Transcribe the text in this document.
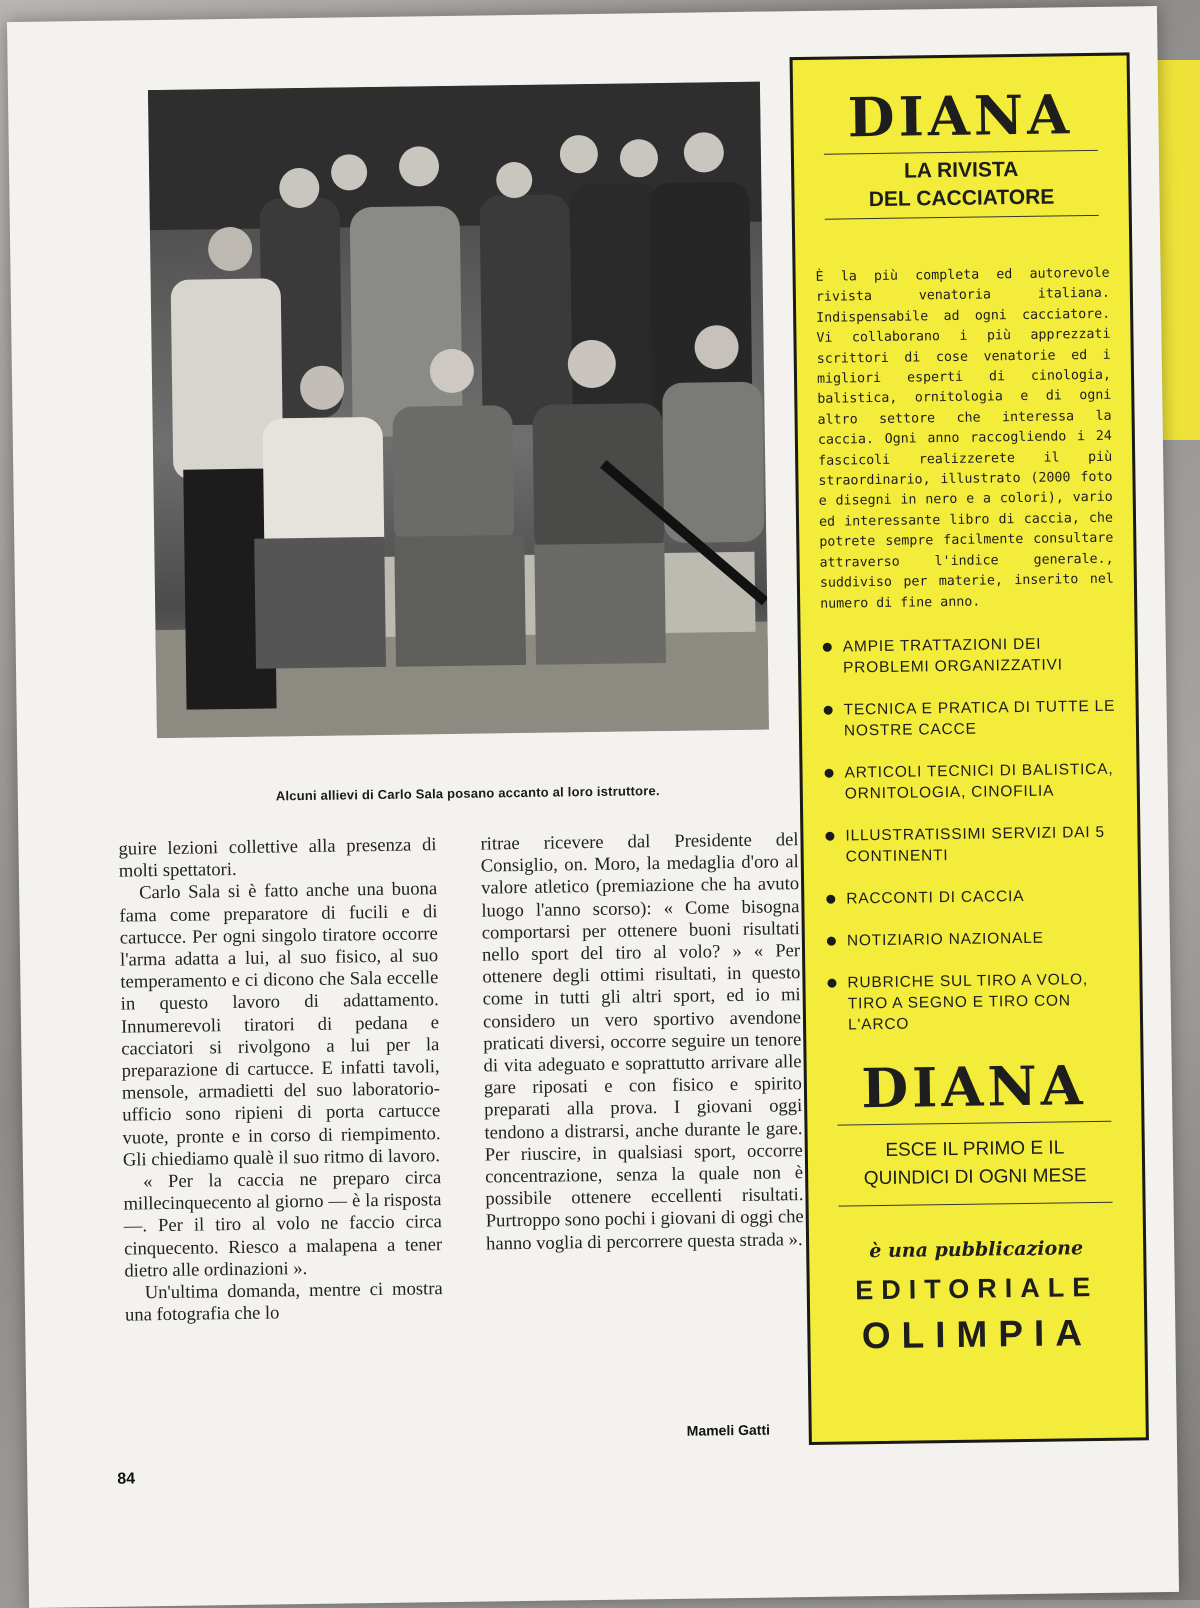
Alcuni allievi di Carlo Sala posano accanto al loro istruttore.

guire lezioni collettive alla presenza di molti spettatori.

Carlo Sala si è fatto anche una buona fama come preparatore di fucili e di cartucce. Per ogni singolo tiratore occorre l'arma adatta a lui, al suo fisico, al suo temperamento e ci dicono che Sala eccelle in questo lavoro di adattamento. Innumerevoli tiratori di pedana e cacciatori si rivolgono a lui per la preparazione di cartucce. E infatti tavoli, mensole, armadietti del suo laboratorio-ufficio sono ripieni di porta cartucce vuote, pronte e in corso di riempimento. Gli chiediamo qualè il suo ritmo di lavoro.

« Per la caccia ne preparo circa millecinquecento al giorno — è la risposta —. Per il tiro al volo ne faccio circa cinquecento. Riesco a malapena a tener dietro alle ordinazioni ».

Un'ultima domanda, mentre ci mostra una fotografia che lo

ritrae ricevere dal Presidente del Consiglio, on. Moro, la medaglia d'oro al valore atletico (premiazione che ha avuto luogo l'anno scorso): « Come bisogna comportarsi per ottenere buoni risultati nello sport del tiro al volo? » « Per ottenere degli ottimi risultati, in questo come in tutti gli altri sport, ed io mi considero un vero sportivo avendone praticati diversi, occorre seguire un tenore di vita adeguato e soprattutto arrivare alle gare riposati e con fisico e spirito preparati alla prova. I giovani oggi tendono a distrarsi, anche durante le gare. Per riuscire, in qualsiasi sport, occorre concentrazione, senza la quale non è possibile ottenere eccellenti risultati. Purtroppo sono pochi i giovani di oggi che hanno voglia di percorrere questa strada ».

Mameli Gatti
84
DIANA
LA RIVISTA
DEL CACCIATORE
È la più completa ed autorevole rivista venatoria italiana. Indispensabile ad ogni cacciatore. Vi collaborano i più apprezzati scrittori di cose venatorie ed i migliori esperti di cinologia, balistica, ornitologia e di ogni altro settore che interessa la caccia. Ogni anno raccogliendo i 24 fascicoli realizzerete il più straordinario, illustrato (2000 foto e disegni in nero e a colori), vario ed interessante libro di caccia, che potrete sempre facilmente consultare attraverso l'indice generale., suddiviso per materie, inserito nel numero di fine anno.
AMPIE TRATTAZIONI DEI PROBLEMI ORGANIZZATIVI
TECNICA E PRATICA DI TUTTE LE NOSTRE CACCE
ARTICOLI TECNICI DI BALISTICA, ORNITOLOGIA, CINOFILIA
ILLUSTRATISSIMI SERVIZI DAI 5 CONTINENTI
RACCONTI DI CACCIA
NOTIZIARIO NAZIONALE
RUBRICHE SUL TIRO A VOLO, TIRO A SEGNO E TIRO CON L'ARCO
DIANA
ESCE IL PRIMO E IL
QUINDICI DI OGNI MESE
è una pubblicazione
EDITORIALE
OLIMPIA
